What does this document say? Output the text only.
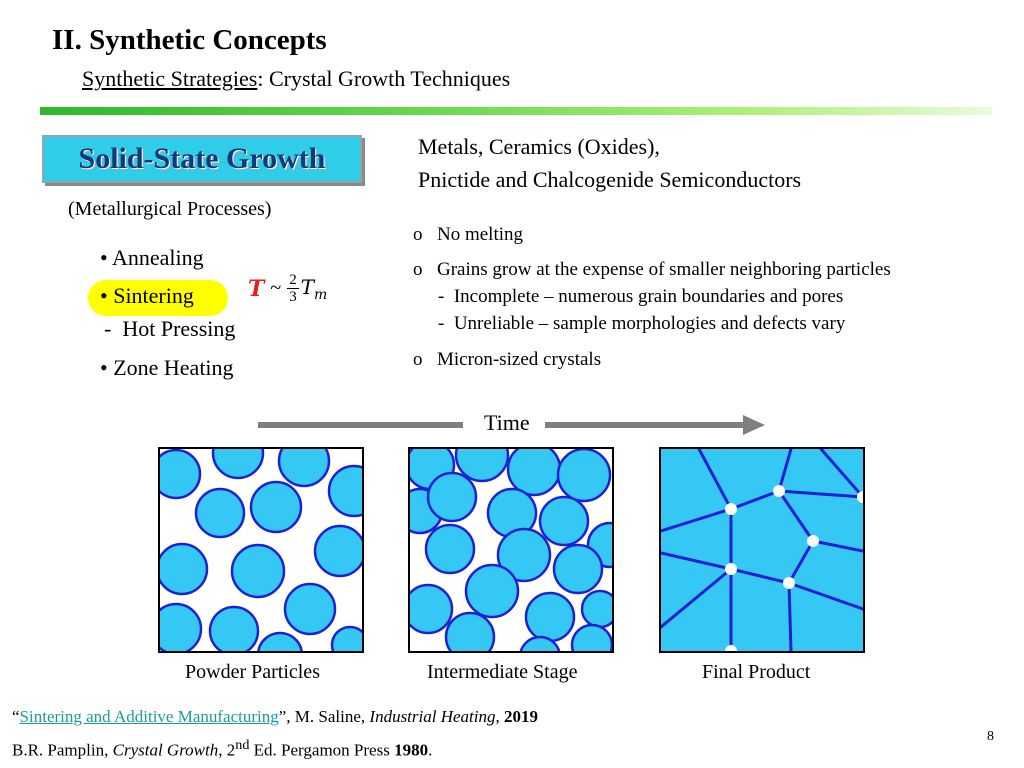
II. Synthetic Concepts
Synthetic Strategies: Crystal Growth Techniques
Solid-State Growth
(Metallurgical Processes)
• Annealing
• Sintering
-  Hot Pressing
• Zone Heating
T ~ $\frac{2}{3} T_m$
Metals, Ceramics (Oxides),
Pnictide and Chalcogenide Semiconductors
o No melting
o Grains grow at the expense of smaller neighboring particles
-  Incomplete – numerous grain boundaries and pores
-  Unreliable – sample morphologies and defects vary
o Micron-sized crystals
Time
Powder Particles	Intermediate Stage	Final Product
“Sintering and Additive Manufacturing”, M. Saline, Industrial Heating, 2019
B.R. Pamplin, Crystal Growth, 2nd Ed. Pergamon Press 1980.
8
